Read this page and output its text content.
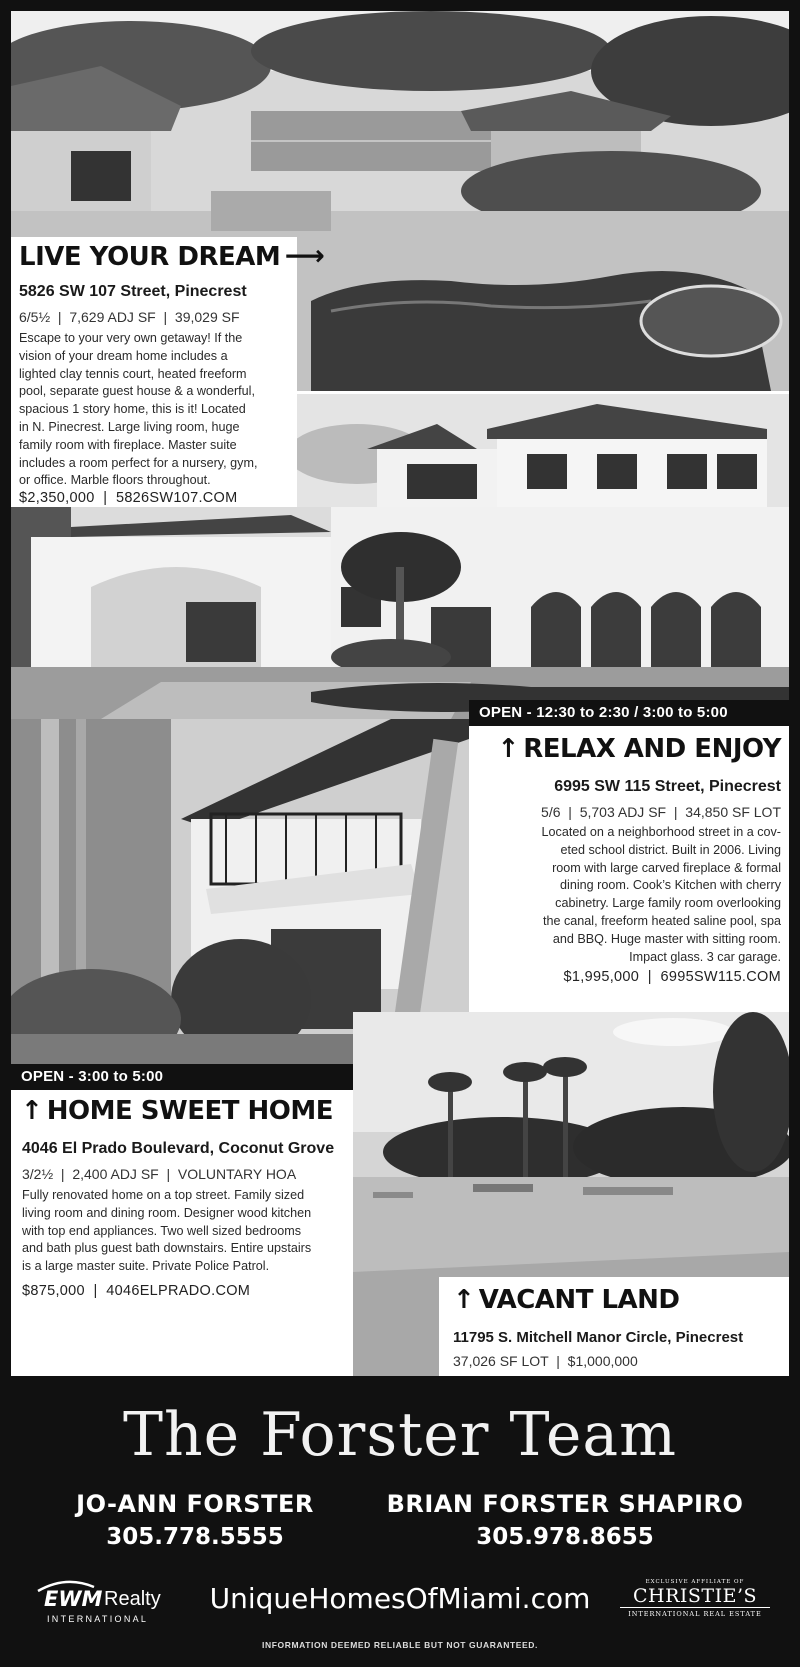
LIVE YOUR DREAM ⟶
5826 SW 107 Street, Pinecrest
6/5½  |  7,629 ADJ SF  |  39,029 SF
Escape to your very own getaway! If the
vision of your dream home includes a
lighted clay tennis court, heated freeform
pool, separate guest house & a wonderful,
spacious 1 story home, this is it! Located
in N. Pinecrest. Large living room, huge
family room with fireplace. Master suite
includes a room perfect for a nursery, gym,
or office. Marble floors throughout.
$2,350,000  |  5826SW107.COM
OPEN - 12:30 to 2:30 / 3:00 to 5:00
↑ RELAX AND ENJOY
6995 SW 115 Street, Pinecrest
5/6  |  5,703 ADJ SF  |  34,850 SF LOT
Located on a neighborhood street in a cov-
eted school district. Built in 2006. Living
room with large carved fireplace & formal
dining room. Cook’s Kitchen with cherry
cabinetry. Large family room overlooking
the canal, freeform heated saline pool, spa
and BBQ. Huge master with sitting room.
Impact glass. 3 car garage.
$1,995,000  |  6995SW115.COM
OPEN - 3:00 to 5:00
↑ HOME SWEET HOME
4046 El Prado Boulevard, Coconut Grove
3/2½  |  2,400 ADJ SF  |  VOLUNTARY HOA
Fully renovated home on a top street. Family sized
living room and dining room. Designer wood kitchen
with top end appliances. Two well sized bedrooms
and bath plus guest bath downstairs. Entire upstairs
is a large master suite. Private Police Patrol.
$875,000  |  4046ELPRADO.COM	↑ VACANT LAND
11795 S. Mitchell Manor Circle, Pinecrest
37,026 SF LOT  |  $1,000,000
The Forster Team
JO-ANN FORSTER
305.778.5555
BRIAN FORSTER SHAPIRO
305.978.8655
EWM Realty
INTERNATIONAL
UniqueHomesOfMiami.com	EXCLUSIVE AFFILIATE OF
CHRISTIE’S
INTERNATIONAL REAL ESTATE
INFORMATION DEEMED RELIABLE BUT NOT GUARANTEED.
